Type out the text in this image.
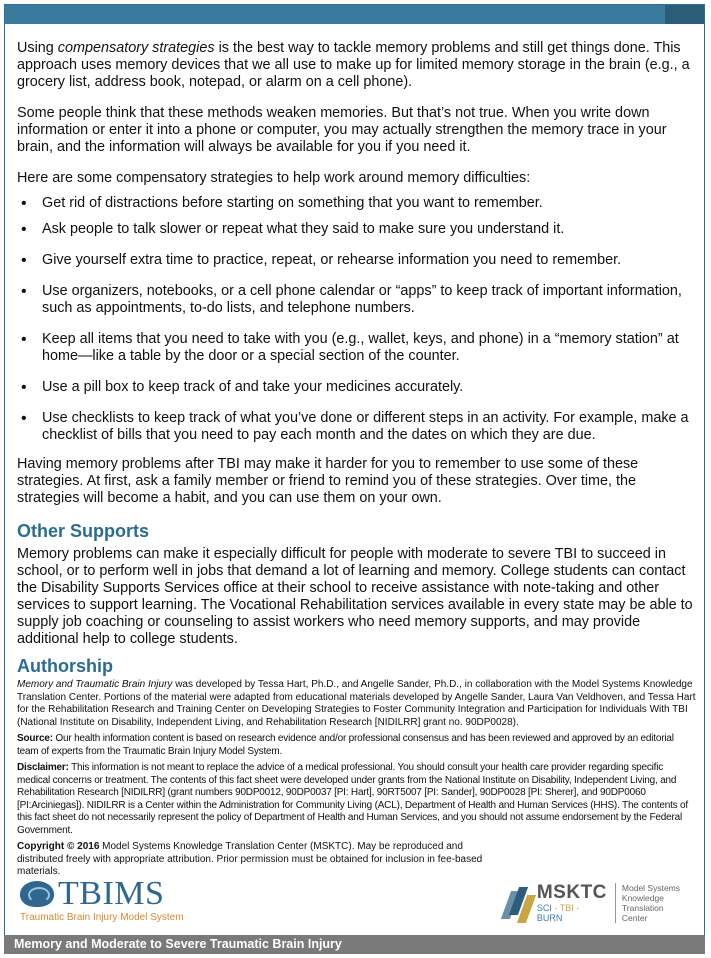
Using compensatory strategies is the best way to tackle memory problems and still get things done. This approach uses memory devices that we all use to make up for limited memory storage in the brain (e.g., a grocery list, address book, notepad, or alarm on a cell phone).

Some people think that these methods weaken memories. But that’s not true. When you write down information or enter it into a phone or computer, you may actually strengthen the memory trace in your brain, and the information will always be available for you if you need it.

Here are some compensatory strategies to help work around memory difficulties:

• Get rid of distractions before starting on something that you want to remember.
• Ask people to talk slower or repeat what they said to make sure you understand it.
• Give yourself extra time to practice, repeat, or rehearse information you need to remember.
• Use organizers, notebooks, or a cell phone calendar or “apps” to keep track of important information, such as appointments, to-do lists, and telephone numbers.
• Keep all items that you need to take with you (e.g., wallet, keys, and phone) in a “memory station” at home—like a table by the door or a special section of the counter.
• Use a pill box to keep track of and take your medicines accurately.
• Use checklists to keep track of what you’ve done or different steps in an activity. For example, make a checklist of bills that you need to pay each month and the dates on which they are due.

Having memory problems after TBI may make it harder for you to remember to use some of these strategies. At first, ask a family member or friend to remind you of these strategies. Over time, the strategies will become a habit, and you can use them on your own.

Other Supports

Memory problems can make it especially difficult for people with moderate to severe TBI to succeed in school, or to perform well in jobs that demand a lot of learning and memory. College students can contact the Disability Supports Services office at their school to receive assistance with note-taking and other services to support learning. The Vocational Rehabilitation services available in every state may be able to supply job coaching or counseling to assist workers who need memory supports, and may provide additional help to college students.

Authorship

Memory and Traumatic Brain Injury was developed by Tessa Hart, Ph.D., and Angelle Sander, Ph.D., in collaboration with the Model Systems Knowledge Translation Center. Portions of the material were adapted from educational materials developed by Angelle Sander, Laura Van Veldhoven, and Tessa Hart for the Rehabilitation Research and Training Center on Developing Strategies to Foster Community Integration and Participation for Individuals With TBI (National Institute on Disability, Independent Living, and Rehabilitation Research [NIDILRR] grant no. 90DP0028).

Source: Our health information content is based on research evidence and/or professional consensus and has been reviewed and approved by an editorial team of experts from the Traumatic Brain Injury Model System.

Disclaimer: This information is not meant to replace the advice of a medical professional. You should consult your health care provider regarding specific medical concerns or treatment. The contents of this fact sheet were developed under grants from the National Institute on Disability, Independent Living, and Rehabilitation Research [NIDILRR] (grant numbers 90DP0012, 90DP0037 [PI: Hart], 90RT5007 [PI: Sander], 90DP0028 [PI: Sherer], and 90DP0060 [PI:Arciniegas]). NIDILRR is a Center within the Administration for Community Living (ACL), Department of Health and Human Services (HHS). The contents of this fact sheet do not necessarily represent the policy of Department of Health and Human Services, and you should not assume endorsement by the Federal Government.

Copyright © 2016 Model Systems Knowledge Translation Center (MSKTC). May be reproduced and distributed freely with appropriate attribution. Prior permission must be obtained for inclusion in fee-based materials.

TBIMS
Traumatic Brain Injury Model System
MSKTC
SCI · TBI · BURN
Model Systems
Knowledge Translation
Center
Memory and Moderate to Severe Traumatic Brain Injury
